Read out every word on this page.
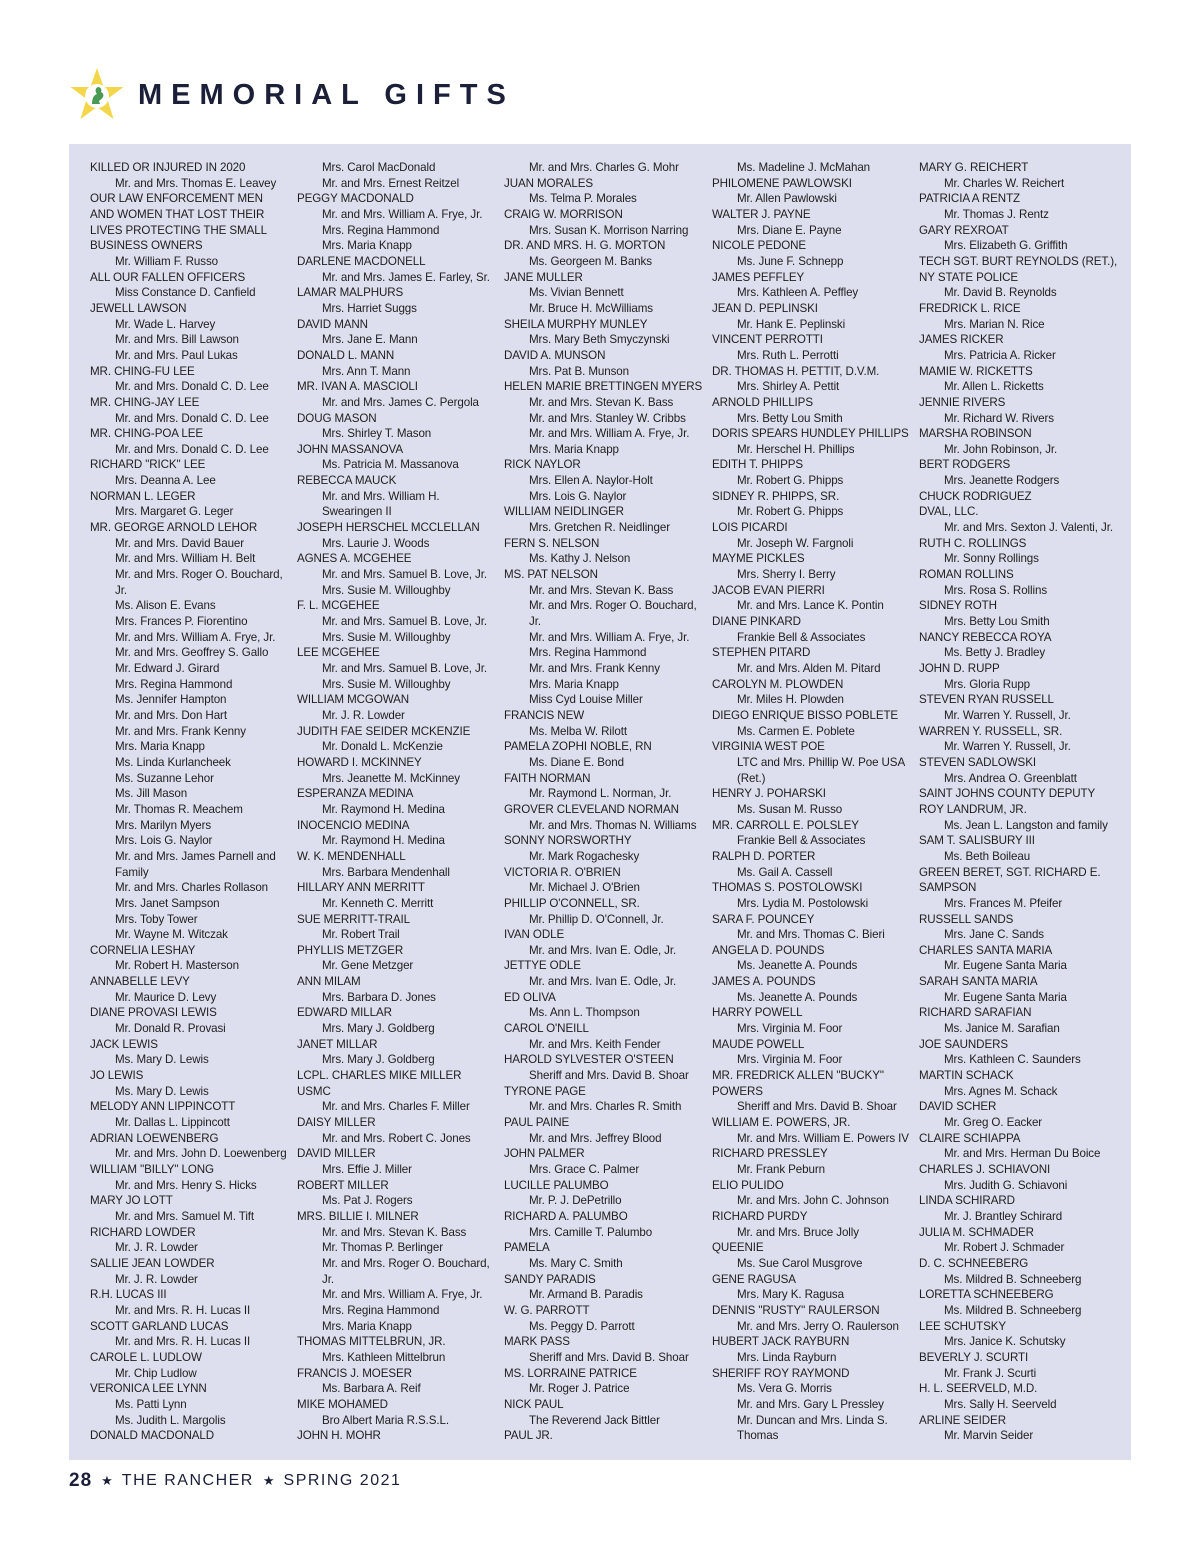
MEMORIAL GIFTS
KILLED OR INJURED IN 2020
Mr. and Mrs. Thomas E. Leavey
OUR LAW ENFORCEMENT MEN
AND WOMEN THAT LOST THEIR
LIVES PROTECTING THE SMALL
BUSINESS OWNERS
Mr. William F. Russo
ALL OUR FALLEN OFFICERS
Miss Constance D. Canfield
JEWELL LAWSON
Mr. Wade L. Harvey
Mr. and Mrs. Bill Lawson
Mr. and Mrs. Paul Lukas
MR. CHING-FU LEE
Mr. and Mrs. Donald C. D. Lee
MR. CHING-JAY LEE
Mr. and Mrs. Donald C. D. Lee
MR. CHING-POA LEE
Mr. and Mrs. Donald C. D. Lee
RICHARD "RICK" LEE
Mrs. Deanna A. Lee
NORMAN L. LEGER
Mrs. Margaret G. Leger
MR. GEORGE ARNOLD LEHOR
Mr. and Mrs. David Bauer
Mr. and Mrs. William H. Belt
Mr. and Mrs. Roger O. Bouchard,
Jr.
Ms. Alison E. Evans
Mrs. Frances P. Fiorentino
Mr. and Mrs. William A. Frye, Jr.
Mr. and Mrs. Geoffrey S. Gallo
Mr. Edward J. Girard
Mrs. Regina Hammond
Ms. Jennifer Hampton
Mr. and Mrs. Don Hart
Mr. and Mrs. Frank Kenny
Mrs. Maria Knapp
Ms. Linda Kurlancheek
Ms. Suzanne Lehor
Ms. Jill Mason
Mr. Thomas R. Meachem
Mrs. Marilyn Myers
Mrs. Lois G. Naylor
Mr. and Mrs. James Parnell and
Family
Mr. and Mrs. Charles Rollason
Mrs. Janet Sampson
Mrs. Toby Tower
Mr. Wayne M. Witczak
CORNELIA LESHAY
Mr. Robert H. Masterson
ANNABELLE LEVY
Mr. Maurice D. Levy
DIANE PROVASI LEWIS
Mr. Donald R. Provasi
JACK LEWIS
Ms. Mary D. Lewis
JO LEWIS
Ms. Mary D. Lewis
MELODY ANN LIPPINCOTT
Mr. Dallas L. Lippincott
ADRIAN LOEWENBERG
Mr. and Mrs. John D. Loewenberg
WILLIAM "BILLY" LONG
Mr. and Mrs. Henry S. Hicks
MARY JO LOTT
Mr. and Mrs. Samuel M. Tift
RICHARD LOWDER
Mr. J. R. Lowder
SALLIE JEAN LOWDER
Mr. J. R. Lowder
R.H. LUCAS III
Mr. and Mrs. R. H. Lucas II
SCOTT GARLAND LUCAS
Mr. and Mrs. R. H. Lucas II
CAROLE L. LUDLOW
Mr. Chip Ludlow
VERONICA LEE LYNN
Ms. Patti Lynn
Ms. Judith L. Margolis
DONALD MACDONALD
Mrs. Carol MacDonald
Mr. and Mrs. Ernest Reitzel
PEGGY MACDONALD
Mr. and Mrs. William A. Frye, Jr.
Mrs. Regina Hammond
Mrs. Maria Knapp
DARLENE MACDONELL
Mr. and Mrs. James E. Farley, Sr.
LAMAR MALPHURS
Mrs. Harriet Suggs
DAVID MANN
Mrs. Jane E. Mann
DONALD L. MANN
Mrs. Ann T. Mann
MR. IVAN A. MASCIOLI
Mr. and Mrs. James C. Pergola
DOUG MASON
Mrs. Shirley T. Mason
JOHN MASSANOVA
Ms. Patricia M. Massanova
REBECCA MAUCK
Mr. and Mrs. William H.
Swearingen II
JOSEPH HERSCHEL MCCLELLAN
Mrs. Laurie J. Woods
AGNES A. MCGEHEE
Mr. and Mrs. Samuel B. Love, Jr.
Mrs. Susie M. Willoughby
F. L. MCGEHEE
Mr. and Mrs. Samuel B. Love, Jr.
Mrs. Susie M. Willoughby
LEE MCGEHEE
Mr. and Mrs. Samuel B. Love, Jr.
Mrs. Susie M. Willoughby
WILLIAM MCGOWAN
Mr. J. R. Lowder
JUDITH FAE SEIDER MCKENZIE
Mr. Donald L. McKenzie
HOWARD I. MCKINNEY
Mrs. Jeanette M. McKinney
ESPERANZA MEDINA
Mr. Raymond H. Medina
INOCENCIO MEDINA
Mr. Raymond H. Medina
W. K. MENDENHALL
Mrs. Barbara Mendenhall
HILLARY ANN MERRITT
Mr. Kenneth C. Merritt
SUE MERRITT-TRAIL
Mr. Robert Trail
PHYLLIS METZGER
Mr. Gene Metzger
ANN MILAM
Mrs. Barbara D. Jones
EDWARD MILLAR
Mrs. Mary J. Goldberg
JANET MILLAR
Mrs. Mary J. Goldberg
LCPL. CHARLES MIKE MILLER
USMC
Mr. and Mrs. Charles F. Miller
DAISY MILLER
Mr. and Mrs. Robert C. Jones
DAVID MILLER
Mrs. Effie J. Miller
ROBERT MILLER
Ms. Pat J. Rogers
MRS. BILLIE I. MILNER
Mr. and Mrs. Stevan K. Bass
Mr. Thomas P. Berlinger
Mr. and Mrs. Roger O. Bouchard,
Jr.
Mr. and Mrs. William A. Frye, Jr.
Mrs. Regina Hammond
Mrs. Maria Knapp
THOMAS MITTELBRUN, JR.
Mrs. Kathleen Mittelbrun
FRANCIS J. MOESER
Ms. Barbara A. Reif
MIKE MOHAMED
Bro Albert Maria R.S.S.L.
JOHN H. MOHR
Mr. and Mrs. Charles G. Mohr
JUAN MORALES
Ms. Telma P. Morales
CRAIG W. MORRISON
Mrs. Susan K. Morrison Narring
DR. AND MRS. H. G. MORTON
Ms. Georgeen M. Banks
JANE MULLER
Ms. Vivian Bennett
Mr. Bruce H. McWilliams
SHEILA MURPHY MUNLEY
Mrs. Mary Beth Smyczynski
DAVID A. MUNSON
Mrs. Pat B. Munson
HELEN MARIE BRETTINGEN MYERS
Mr. and Mrs. Stevan K. Bass
Mr. and Mrs. Stanley W. Cribbs
Mr. and Mrs. William A. Frye, Jr.
Mrs. Maria Knapp
RICK NAYLOR
Mrs. Ellen A. Naylor-Holt
Mrs. Lois G. Naylor
WILLIAM NEIDLINGER
Mrs. Gretchen R. Neidlinger
FERN S. NELSON
Ms. Kathy J. Nelson
MS. PAT NELSON
Mr. and Mrs. Stevan K. Bass
Mr. and Mrs. Roger O. Bouchard,
Jr.
Mr. and Mrs. William A. Frye, Jr.
Mrs. Regina Hammond
Mr. and Mrs. Frank Kenny
Mrs. Maria Knapp
Miss Cyd Louise Miller
FRANCIS NEW
Ms. Melba W. Rilott
PAMELA ZOPHI NOBLE, RN
Ms. Diane E. Bond
FAITH NORMAN
Mr. Raymond L. Norman, Jr.
GROVER CLEVELAND NORMAN
Mr. and Mrs. Thomas N. Williams
SONNY NORSWORTHY
Mr. Mark Rogachesky
VICTORIA R. O'BRIEN
Mr. Michael J. O'Brien
PHILLIP O'CONNELL, SR.
Mr. Phillip D. O'Connell, Jr.
IVAN ODLE
Mr. and Mrs. Ivan E. Odle, Jr.
JETTYE ODLE
Mr. and Mrs. Ivan E. Odle, Jr.
ED OLIVA
Ms. Ann L. Thompson
CAROL O'NEILL
Mr. and Mrs. Keith Fender
HAROLD SYLVESTER O'STEEN
Sheriff and Mrs. David B. Shoar
TYRONE PAGE
Mr. and Mrs. Charles R. Smith
PAUL PAINE
Mr. and Mrs. Jeffrey Blood
JOHN PALMER
Mrs. Grace C. Palmer
LUCILLE PALUMBO
Mr. P. J. DePetrillo
RICHARD A. PALUMBO
Mrs. Camille T. Palumbo
PAMELA
Ms. Mary C. Smith
SANDY PARADIS
Mr. Armand B. Paradis
W. G. PARROTT
Ms. Peggy D. Parrott
MARK PASS
Sheriff and Mrs. David B. Shoar
MS. LORRAINE PATRICE
Mr. Roger J. Patrice
NICK PAUL
The Reverend Jack Bittler
PAUL JR.
Ms. Madeline J. McMahan
PHILOMENE PAWLOWSKI
Mr. Allen Pawlowski
WALTER J. PAYNE
Mrs. Diane E. Payne
NICOLE PEDONE
Ms. June F. Schnepp
JAMES PEFFLEY
Mrs. Kathleen A. Peffley
JEAN D. PEPLINSKI
Mr. Hank E. Peplinski
VINCENT PERROTTI
Mrs. Ruth L. Perrotti
DR. THOMAS H. PETTIT, D.V.M.
Mrs. Shirley A. Pettit
ARNOLD PHILLIPS
Mrs. Betty Lou Smith
DORIS SPEARS HUNDLEY PHILLIPS
Mr. Herschel H. Phillips
EDITH T. PHIPPS
Mr. Robert G. Phipps
SIDNEY R. PHIPPS, SR.
Mr. Robert G. Phipps
LOIS PICARDI
Mr. Joseph W. Fargnoli
MAYME PICKLES
Mrs. Sherry I. Berry
JACOB EVAN PIERRI
Mr. and Mrs. Lance K. Pontin
DIANE PINKARD
Frankie Bell & Associates
STEPHEN PITARD
Mr. and Mrs. Alden M. Pitard
CAROLYN M. PLOWDEN
Mr. Miles H. Plowden
DIEGO ENRIQUE BISSO POBLETE
Ms. Carmen E. Poblete
VIRGINIA WEST POE
LTC and Mrs. Phillip W. Poe USA
(Ret.)
HENRY J. POHARSKI
Ms. Susan M. Russo
MR. CARROLL E. POLSLEY
Frankie Bell & Associates
RALPH D. PORTER
Ms. Gail A. Cassell
THOMAS S. POSTOLOWSKI
Mrs. Lydia M. Postolowski
SARA F. POUNCEY
Mr. and Mrs. Thomas C. Bieri
ANGELA D. POUNDS
Ms. Jeanette A. Pounds
JAMES A. POUNDS
Ms. Jeanette A. Pounds
HARRY POWELL
Mrs. Virginia M. Foor
MAUDE POWELL
Mrs. Virginia M. Foor
MR. FREDRICK ALLEN "BUCKY"
POWERS
Sheriff and Mrs. David B. Shoar
WILLIAM E. POWERS, JR.
Mr. and Mrs. William E. Powers IV
RICHARD PRESSLEY
Mr. Frank Peburn
ELIO PULIDO
Mr. and Mrs. John C. Johnson
RICHARD PURDY
Mr. and Mrs. Bruce Jolly
QUEENIE
Ms. Sue Carol Musgrove
GENE RAGUSA
Mrs. Mary K. Ragusa
DENNIS "RUSTY" RAULERSON
Mr. and Mrs. Jerry O. Raulerson
HUBERT JACK RAYBURN
Mrs. Linda Rayburn
SHERIFF ROY RAYMOND
Ms. Vera G. Morris
Mr. and Mrs. Gary L Pressley
Mr. Duncan and Mrs. Linda S.
Thomas
MARY G. REICHERT
Mr. Charles W. Reichert
PATRICIA A RENTZ
Mr. Thomas J. Rentz
GARY REXROAT
Mrs. Elizabeth G. Griffith
TECH SGT. BURT REYNOLDS (RET.),
NY STATE POLICE
Mr. David B. Reynolds
FREDRICK L. RICE
Mrs. Marian N. Rice
JAMES RICKER
Mrs. Patricia A. Ricker
MAMIE W. RICKETTS
Mr. Allen L. Ricketts
JENNIE RIVERS
Mr. Richard W. Rivers
MARSHA ROBINSON
Mr. John Robinson, Jr.
BERT RODGERS
Mrs. Jeanette Rodgers
CHUCK RODRIGUEZ
DVAL, LLC.
Mr. and Mrs. Sexton J. Valenti, Jr.
RUTH C. ROLLINGS
Mr. Sonny Rollings
ROMAN ROLLINS
Mrs. Rosa S. Rollins
SIDNEY ROTH
Mrs. Betty Lou Smith
NANCY REBECCA ROYA
Ms. Betty J. Bradley
JOHN D. RUPP
Mrs. Gloria Rupp
STEVEN RYAN RUSSELL
Mr. Warren Y. Russell, Jr.
WARREN Y. RUSSELL, SR.
Mr. Warren Y. Russell, Jr.
STEVEN SADLOWSKI
Mrs. Andrea O. Greenblatt
SAINT JOHNS COUNTY DEPUTY
ROY LANDRUM, JR.
Ms. Jean L. Langston and family
SAM T. SALISBURY III
Ms. Beth Boileau
GREEN BERET, SGT. RICHARD E.
SAMPSON
Mrs. Frances M. Pfeifer
RUSSELL SANDS
Mrs. Jane C. Sands
CHARLES SANTA MARIA
Mr. Eugene Santa Maria
SARAH SANTA MARIA
Mr. Eugene Santa Maria
RICHARD SARAFIAN
Ms. Janice M. Sarafian
JOE SAUNDERS
Mrs. Kathleen C. Saunders
MARTIN SCHACK
Mrs. Agnes M. Schack
DAVID SCHER
Mr. Greg O. Eacker
CLAIRE SCHIAPPA
Mr. and Mrs. Herman Du Boice
CHARLES J. SCHIAVONI
Mrs. Judith G. Schiavoni
LINDA SCHIRARD
Mr. J. Brantley Schirard
JULIA M. SCHMADER
Mr. Robert J. Schmader
D. C. SCHNEEBERG
Ms. Mildred B. Schneeberg
LORETTA SCHNEEBERG
Ms. Mildred B. Schneeberg
LEE SCHUTSKY
Mrs. Janice K. Schutsky
BEVERLY J. SCURTI
Mr. Frank J. Scurti
H. L. SEERVELD, M.D.
Mrs. Sally H. Seerveld
ARLINE SEIDER
Mr. Marvin Seider
28 ★ THE RANCHER ★ SPRING 2021
